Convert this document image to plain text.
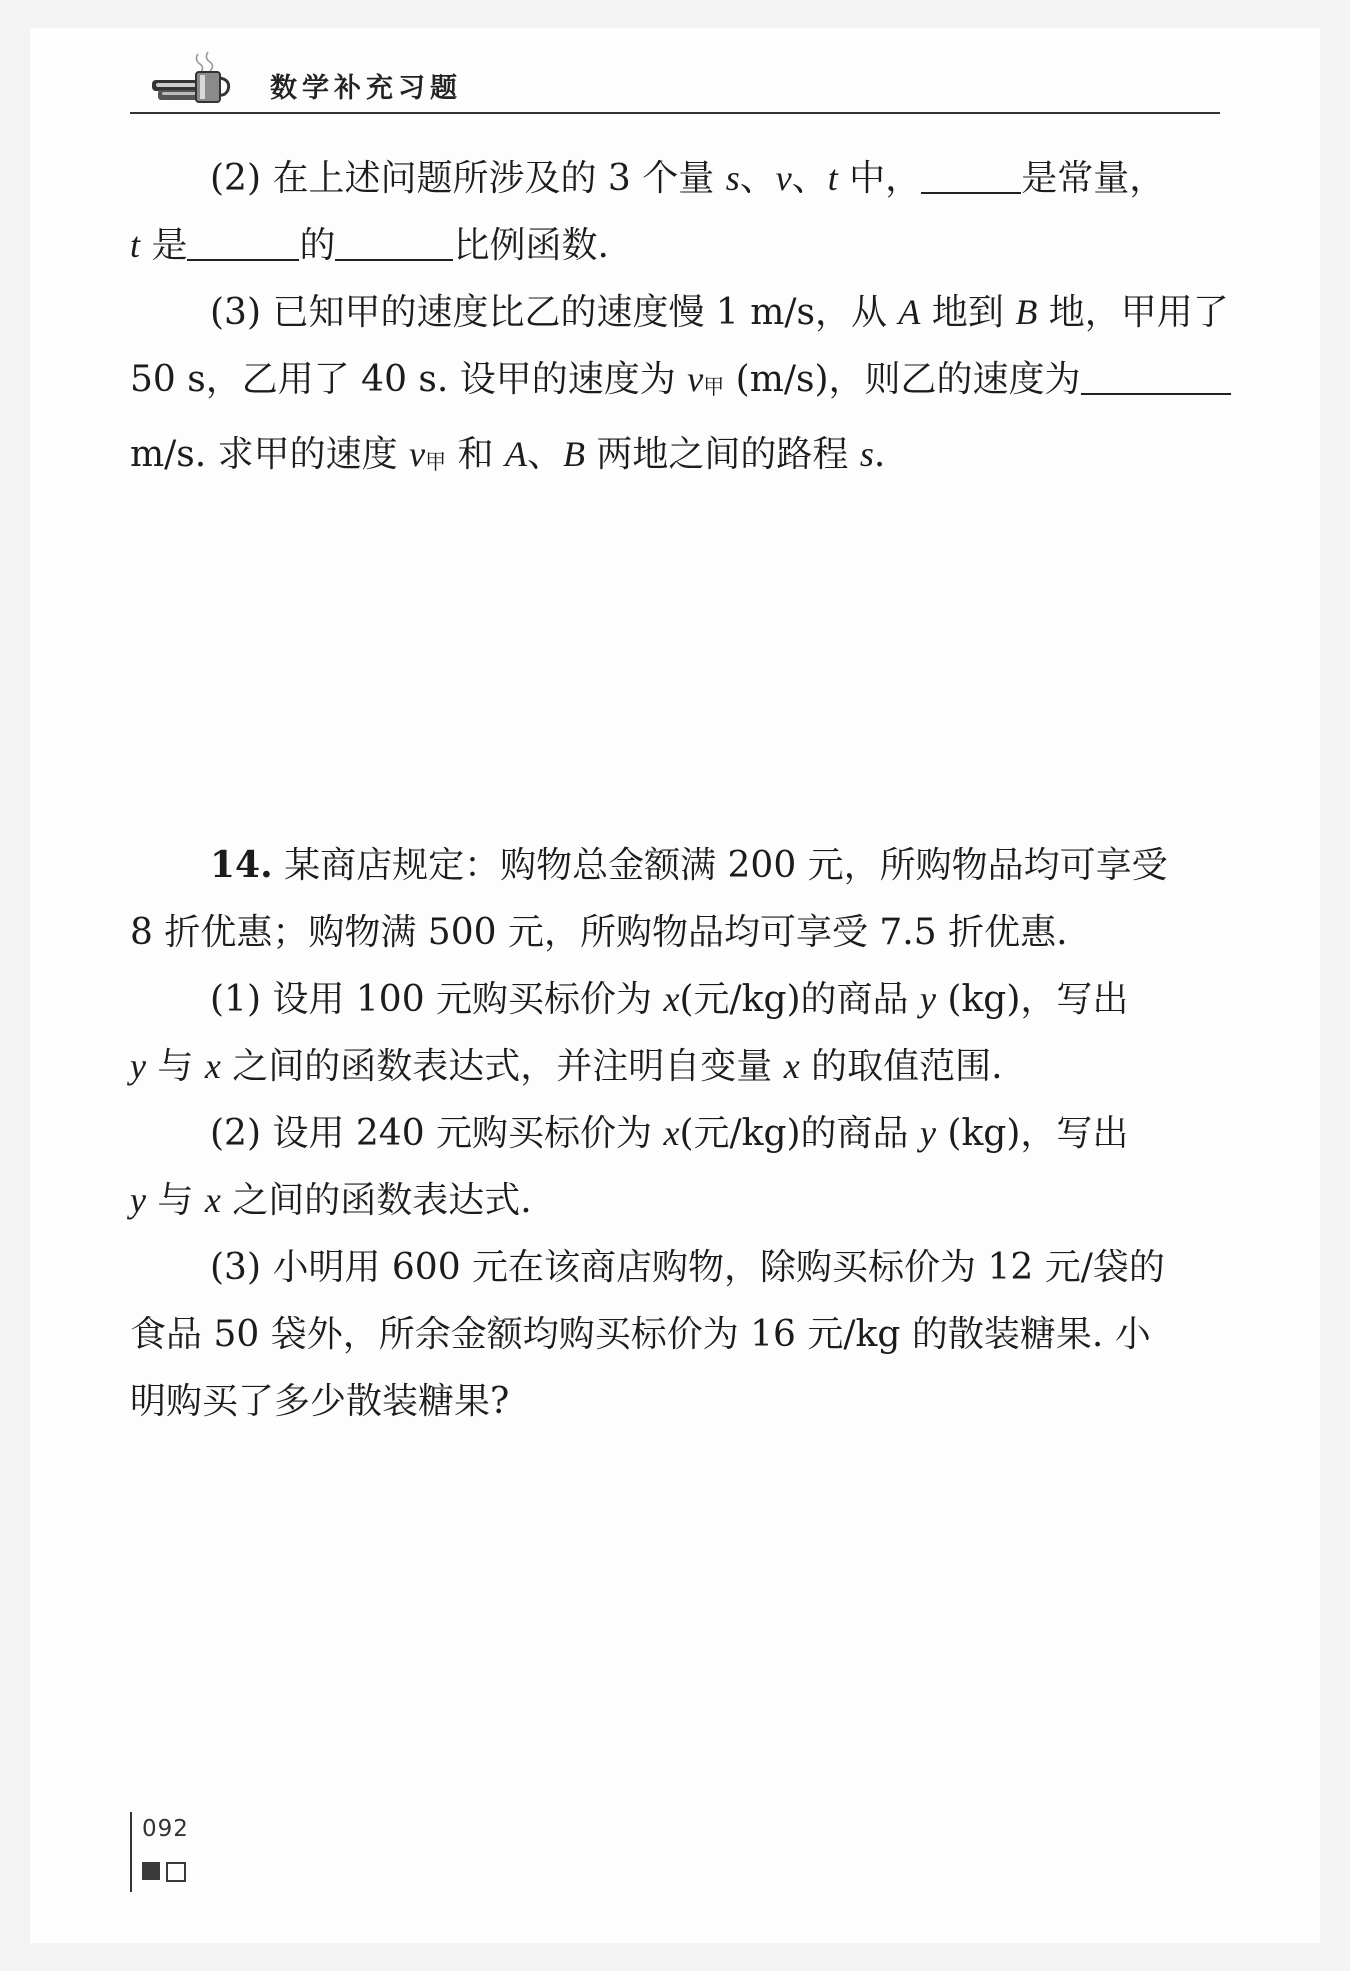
数学补充习题

(2) 在上述问题所涉及的 3 个量 s、v、t 中，	是常量，

t 是	的	比例函数.

(3) 已知甲的速度比乙的速度慢 1 m/s，从 A 地到 B 地，甲用了

50 s，乙用了 40 s. 设甲的速度为 v甲 (m/s)，则乙的速度为

m/s. 求甲的速度 v甲 和 A、B 两地之间的路程 s.

14. 某商店规定：购物总金额满 200 元，所购物品均可享受

8 折优惠；购物满 500 元，所购物品均可享受 7.5 折优惠.

(1) 设用 100 元购买标价为 x(元/kg)的商品 y (kg)，写出

y 与 x 之间的函数表达式，并注明自变量 x 的取值范围.

(2) 设用 240 元购买标价为 x(元/kg)的商品 y (kg)，写出

y 与 x 之间的函数表达式.

(3) 小明用 600 元在该商店购物，除购买标价为 12 元/袋的

食品 50 袋外，所余金额均购买标价为 16 元/kg 的散装糖果. 小

明购买了多少散装糖果?

092
